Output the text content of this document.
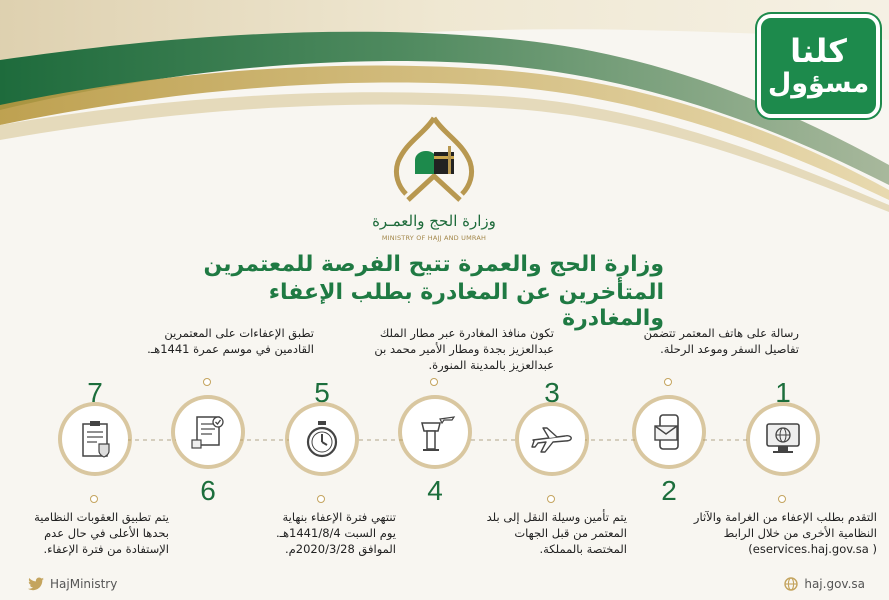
كلنا
مسؤول
وزارة الحج والعمـرة
MINISTRY OF HAJJ AND UMRAH
وزارة الحج والعمرة تتيح الفرصة للمعتمرين
المتأخرين عن المغادرة بطلب الإعفاء والمغادرة
التقدم بطلب الإعفاء من الغرامة والآثار
النظامية الأخرى من خلال الرابط
( eservices.haj.gov.sa)
1
رسالة على هاتف المعتمر تتضمن
تفاصيل السفر وموعد الرحلة.
2
يتم تأمين وسيلة النقل إلى بلد
المعتمر من قبل الجهات
المختصة بالمملكة.
3
تكون منافذ المغادرة عبر مطار الملك
عبدالعزيز بجدة ومطار الأمير محمد بن
عبدالعزيز بالمدينة المنورة.
4
تنتهي فترة الإعفاء بنهاية
يوم السبت 1441/8/4هـ.
الموافق 2020/3/28م.
5
تطبق الإعفاءات على المعتمرين
القادمين في موسم عمرة 1441هـ.
6
يتم تطبيق العقوبات النظامية
بحدها الأعلى في حال عدم
الإستفادة من فترة الإعفاء.
7
HajMinistry	haj.gov.sa
